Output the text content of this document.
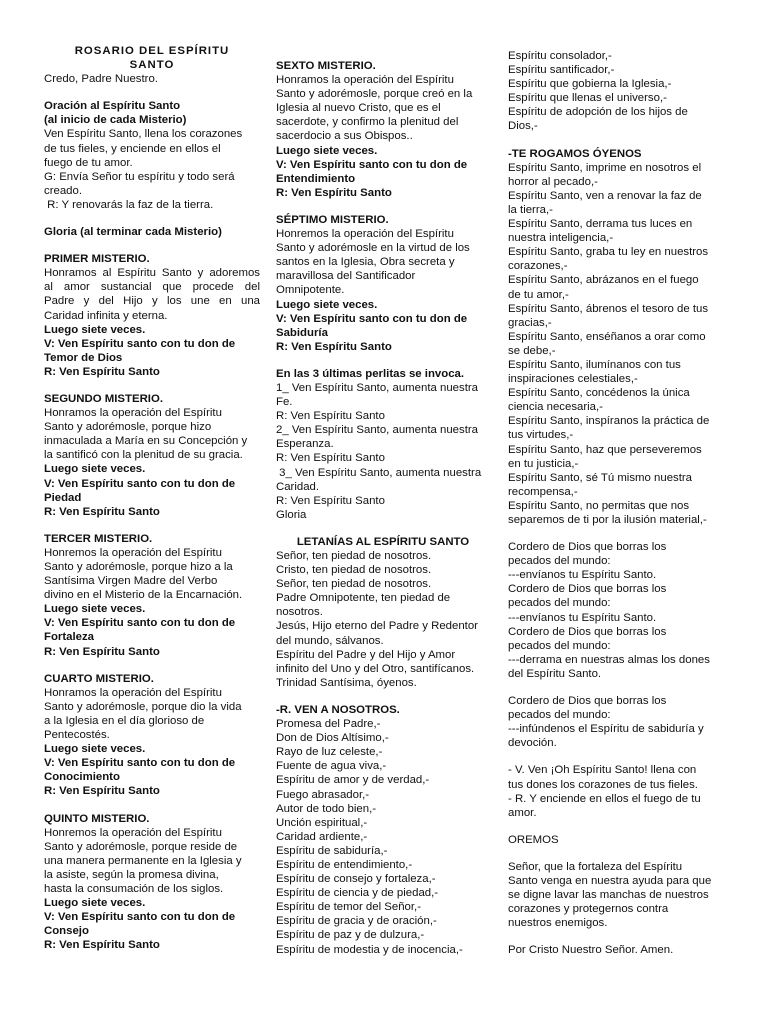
ROSARIO DEL ESPÍRITU
SANTO
Credo, Padre Nuestro.
Oración al Espíritu Santo
(al inicio de cada Misterio)
Ven Espíritu Santo, llena los corazones
de tus fieles, y enciende en ellos el
fuego de tu amor.
G: Envía Señor tu espíritu y todo será
creado.
R: Y renovarás la faz de la tierra.
Gloria (al terminar cada Misterio)
PRIMER MISTERIO.
Honramos al Espíritu Santo y adoremos
al amor sustancial que procede del
Padre y del Hijo y los une en una
Caridad infinita y eterna.
Luego siete veces.
V: Ven Espíritu santo con tu don de
Temor de Dios
R: Ven Espíritu Santo
SEGUNDO MISTERIO.
Honramos la operación del Espíritu
Santo y adorémosle, porque hizo
inmaculada a María en su Concepción y
la santificó con la plenitud de su gracia.
Luego siete veces.
V: Ven Espíritu santo con tu don de
Piedad
R: Ven Espíritu Santo
TERCER MISTERIO.
Honremos la operación del Espíritu
Santo y adorémosle, porque hizo a la
Santísima Virgen Madre del Verbo
divino en el Misterio de la Encarnación.
Luego siete veces.
V: Ven Espíritu santo con tu don de
Fortaleza
R: Ven Espíritu Santo
CUARTO MISTERIO.
Honramos la operación del Espíritu
Santo y adorémosle, porque dio la vida
a la Iglesia en el día glorioso de
Pentecostés.
Luego siete veces.
V: Ven Espíritu santo con tu don de
Conocimiento
R: Ven Espíritu Santo
QUINTO MISTERIO.
Honremos la operación del Espíritu
Santo y adorémosle, porque reside de
una manera permanente en la Iglesia y
la asiste, según la promesa divina,
hasta la consumación de los siglos.
Luego siete veces.
V: Ven Espíritu santo con tu don de
Consejo
R: Ven Espíritu Santo
SEXTO MISTERIO.
Honramos la operación del Espíritu
Santo y adorémosle, porque creó en la
Iglesia al nuevo Cristo, que es el
sacerdote, y confirmo la plenitud del
sacerdocio a sus Obispos..
Luego siete veces.
V: Ven Espíritu santo con tu don de
Entendimiento
R: Ven Espíritu Santo
SÉPTIMO MISTERIO.
Honremos la operación del Espíritu
Santo y adorémosle en la virtud de los
santos en la Iglesia, Obra secreta y
maravillosa del Santificador
Omnipotente.
Luego siete veces.
V: Ven Espíritu santo con tu don de
Sabiduría
R: Ven Espíritu Santo
En las 3 últimas perlitas se invoca.
1_ Ven Espíritu Santo, aumenta nuestra
Fe.
R: Ven Espíritu Santo
2_ Ven Espíritu Santo, aumenta nuestra
Esperanza.
R: Ven Espíritu Santo
3_ Ven Espíritu Santo, aumenta nuestra
Caridad.
R: Ven Espíritu Santo
Gloria
LETANÍAS AL ESPÍRITU SANTO
Señor, ten piedad de nosotros.
Cristo, ten piedad de nosotros.
Señor, ten piedad de nosotros.
Padre Omnipotente, ten piedad de
nosotros.
Jesús, Hijo eterno del Padre y Redentor
del mundo, sálvanos.
Espíritu del Padre y del Hijo y Amor
infinito del Uno y del Otro, santifícanos.
Trinidad Santísima, óyenos.
-R. VEN A NOSOTROS.
Promesa del Padre,-
Don de Dios Altísimo,-
Rayo de luz celeste,-
Fuente de agua viva,-
Espíritu de amor y de verdad,-
Fuego abrasador,-
Autor de todo bien,-
Unción espiritual,-
Caridad ardiente,-
Espíritu de sabiduría,-
Espíritu de entendimiento,-
Espíritu de consejo y fortaleza,-
Espíritu de ciencia y de piedad,-
Espíritu de temor del Señor,-
Espíritu de gracia y de oración,-
Espíritu de paz y de dulzura,-
Espíritu de modestia y de inocencia,-
Espíritu consolador,-
Espíritu santificador,-
Espíritu que gobierna la Iglesia,-
Espíritu que llenas el universo,-
Espíritu de adopción de los hijos de
Dios,-
-TE ROGAMOS ÓYENOS
Espíritu Santo, imprime en nosotros el
horror al pecado,-
Espíritu Santo, ven a renovar la faz de
la tierra,-
Espíritu Santo, derrama tus luces en
nuestra inteligencia,-
Espíritu Santo, graba tu ley en nuestros
corazones,-
Espíritu Santo, abrázanos en el fuego
de tu amor,-
Espíritu Santo, ábrenos el tesoro de tus
gracias,-
Espíritu Santo, enséñanos a orar como
se debe,-
Espíritu Santo, ilumínanos con tus
inspiraciones celestiales,-
Espíritu Santo, concédenos la única
ciencia necesaria,-
Espíritu Santo, inspíranos la práctica de
tus virtudes,-
Espíritu Santo, haz que perseveremos
en tu justicia,-
Espíritu Santo, sé Tú mismo nuestra
recompensa,-
Espíritu Santo, no permitas que nos
separemos de ti por la ilusión material,-
Cordero de Dios que borras los
pecados del mundo:
---envíanos tu Espíritu Santo.
Cordero de Dios que borras los
pecados del mundo:
---envíanos tu Espíritu Santo.
Cordero de Dios que borras los
pecados del mundo:
---derrama en nuestras almas los dones
del Espíritu Santo.
Cordero de Dios que borras los
pecados del mundo:
---infúndenos el Espíritu de sabiduría y
devoción.
- V. Ven ¡Oh Espíritu Santo! llena con
tus dones los corazones de tus fieles.
- R. Y enciende en ellos el fuego de tu
amor.
OREMOS
Señor, que la fortaleza del Espíritu
Santo venga en nuestra ayuda para que
se digne lavar las manchas de nuestros
corazones y protegernos contra
nuestros enemigos.
Por Cristo Nuestro Señor. Amen.
